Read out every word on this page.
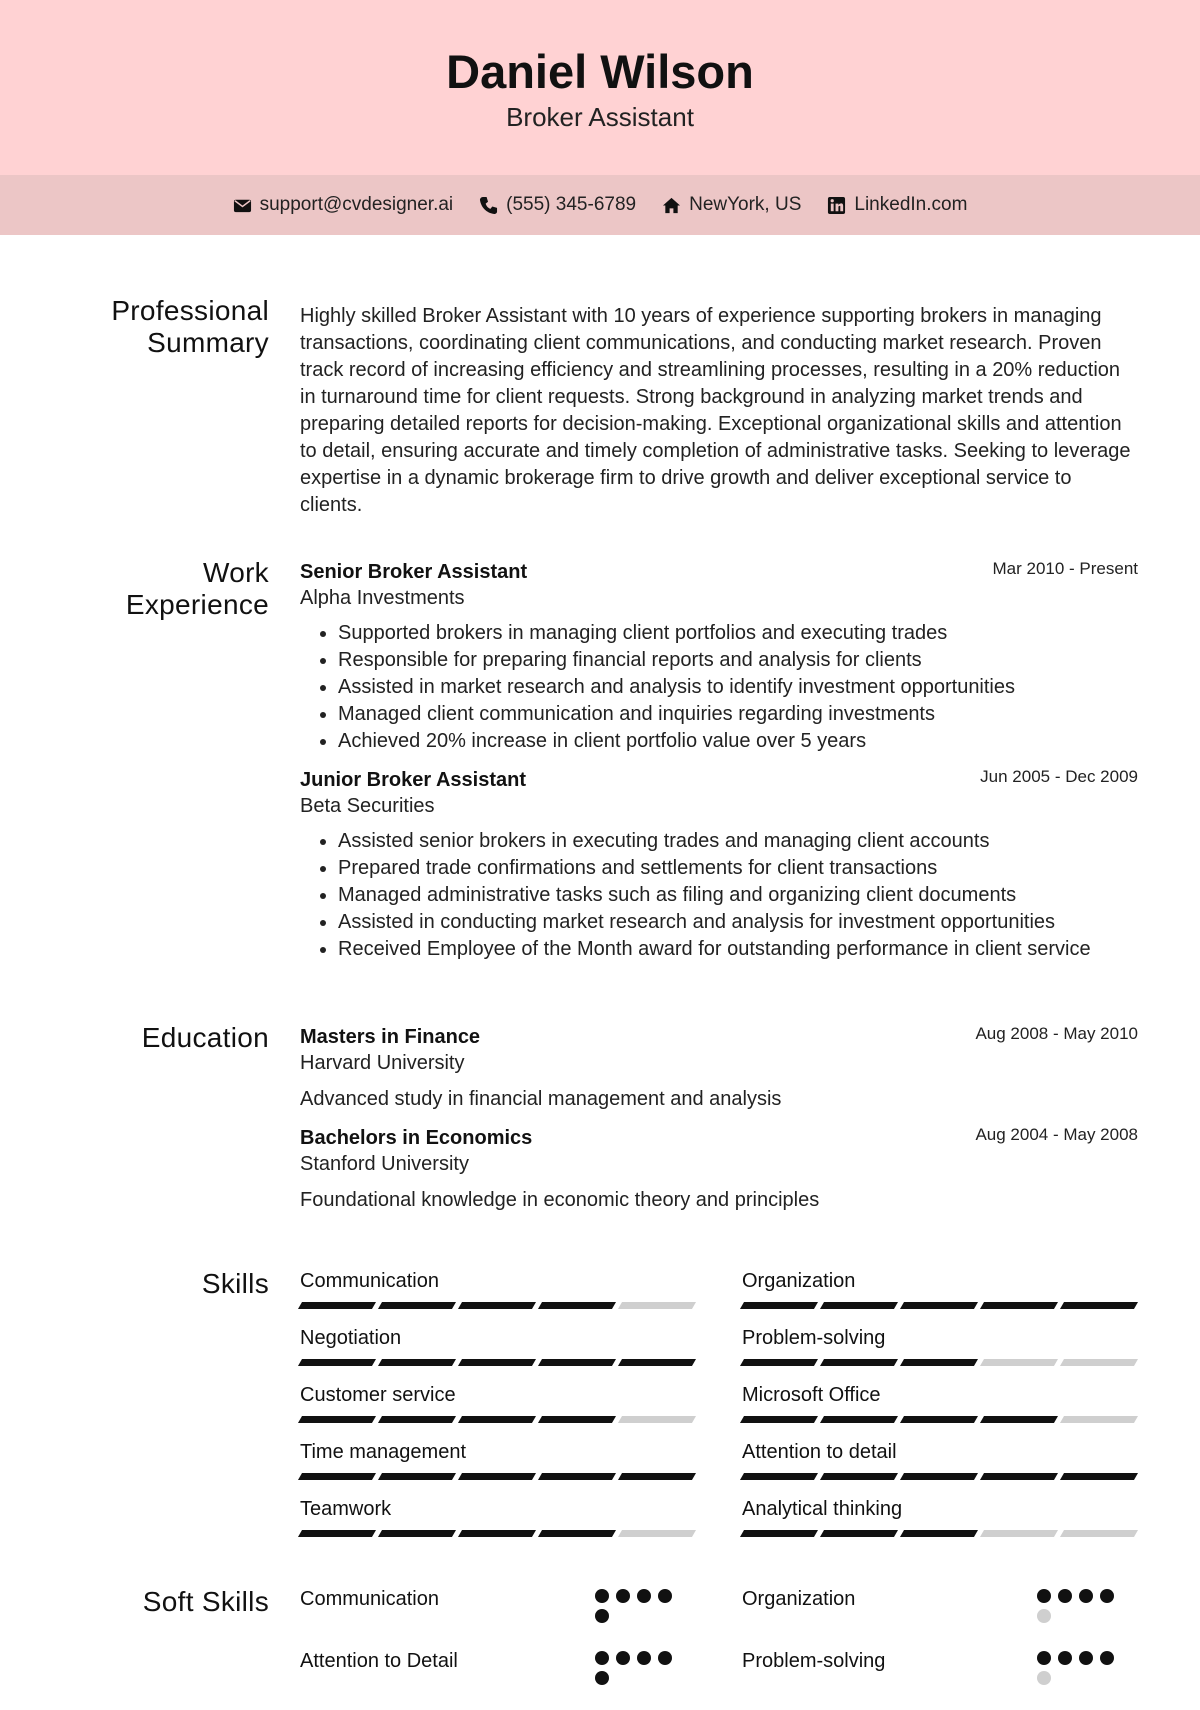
Daniel Wilson
Broker Assistant
support@cvdesigner.ai	(555) 345-6789	NewYork, US	LinkedIn.com
Professional
Summary

Highly skilled Broker Assistant with 10 years of experience supporting brokers in managing transactions, coordinating client communications, and conducting market research. Proven track record of increasing efficiency and streamlining processes, resulting in a 20% reduction in turnaround time for client requests. Strong background in analyzing market trends and preparing detailed reports for decision-making. Exceptional organizational skills and attention to detail, ensuring accurate and timely completion of administrative tasks. Seeking to leverage expertise in a dynamic brokerage firm to drive growth and deliver exceptional service to clients.

Work
Experience
Senior Broker Assistant
Alpha Investments
Mar 2010 - Present
• Supported brokers in managing client portfolios and executing trades
• Responsible for preparing financial reports and analysis for clients
• Assisted in market research and analysis to identify investment opportunities
• Managed client communication and inquiries regarding investments
• Achieved 20% increase in client portfolio value over 5 years
Junior Broker Assistant
Beta Securities
Jun 2005 - Dec 2009
• Assisted senior brokers in executing trades and managing client accounts
• Prepared trade confirmations and settlements for client transactions
• Managed administrative tasks such as filing and organizing client documents
• Assisted in conducting market research and analysis for investment opportunities
• Received Employee of the Month award for outstanding performance in client service
Education Masters in Finance
Harvard University
Aug 2008 - May 2010
Advanced study in financial management and analysis
Bachelors in Economics
Stanford University
Aug 2004 - May 2008
Foundational knowledge in economic theory and principles
Skills Communication	Organization
Negotiation	Problem-solving
Customer service	Microsoft Office
Time management	Attention to detail
Teamwork	Analytical thinking
Soft Skills Communication	Organization
Attention to Detail	Problem-solving
